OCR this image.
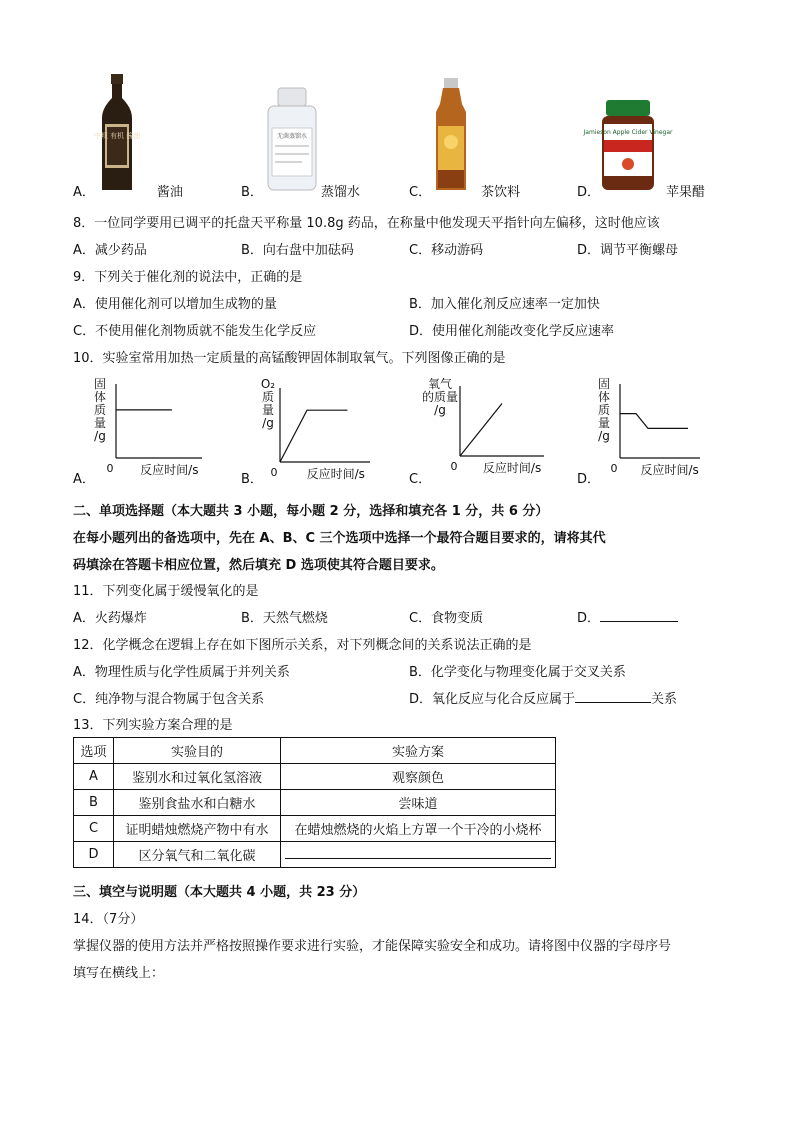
中坝 有机 酱油	无菌蒸馏水
Jamieson Apple Cider Vinegar
A．	酱油	B．	蒸馏水	C．	茶饮料	D．	苹果醋
8．一位同学要用已调平的托盘天平称量 10.8g 药品，在称量中他发现天平指针向左偏移，这时他应该
A．减少药品	B．向右盘中加砝码	C．移动游码	D．调节平衡螺母
9．下列关于催化剂的说法中，正确的是
A．使用催化剂可以增加生成物的量	B．加入催化剂反应速率一定加快
C．不使用催化剂物质就不能发生化学反应	D．使用催化剂能改变化学反应速率
10．实验室常用加热一定质量的高锰酸钾固体制取氧气。下列图像正确的是
A．	B．	C．	D．
固
体
质
量
/g
反应时间/s
0
O₂
质
量
/g
反应时间/s
0
氧气
的质量
/g
反应时间/s
0
固
体
质
量
/g
反应时间/s
0
二、单项选择题（本大题共 3 小题，每小题 2 分，选择和填充各 1 分，共 6 分）
在每小题列出的备选项中，先在 A、B、C 三个选项中选择一个最符合题目要求的，请将其代
码填涂在答题卡相应位置，然后填充 D 选项使其符合题目要求。
11．下列变化属于缓慢氧化的是
A．火药爆炸	B．天然气燃烧	C．食物变质	D．
12．化学概念在逻辑上存在如下图所示关系，对下列概念间的关系说法正确的是
A．物理性质与化学性质属于并列关系	B．化学变化与物理变化属于交叉关系
C．纯净物与混合物属于包含关系	D．氧化反应与化合反应属于	关系
13．下列实验方案合理的是
选项	实验目的	实验方案
A	鉴别水和过氧化氢溶液	观察颜色
B	鉴别食盐水和白糖水	尝味道
C	证明蜡烛燃烧产物中有水	在蜡烛燃烧的火焰上方罩一个干冷的小烧杯
D	区分氧气和二氧化碳	
三、填空与说明题（本大题共 4 小题，共 23 分）
14．（7分）
掌握仪器的使用方法并严格按照操作要求进行实验，才能保障实验安全和成功。请将图中仪器的字母序号
填写在横线上：
